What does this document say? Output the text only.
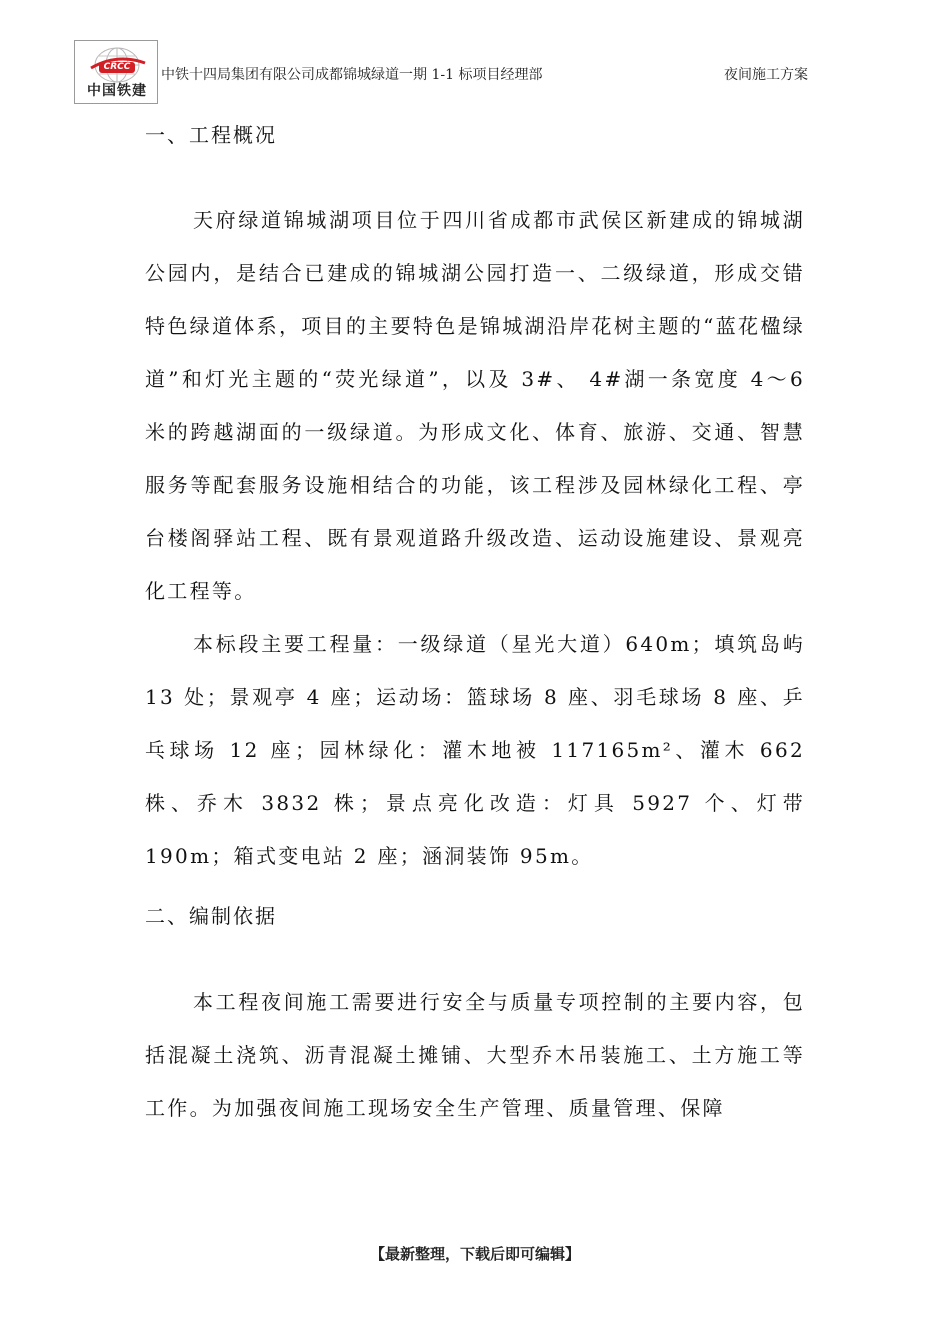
CRCC
中国铁建
中铁十四局集团有限公司成都锦城绿道一期 1-1 标项目经理部	夜间施工方案
一、工程概况

天府绿道锦城湖项目位于四川省成都市武侯区新建成的锦城湖公园内，是结合已建成的锦城湖公园打造一、二级绿道，形成交错特色绿道体系，项目的主要特色是锦城湖沿岸花树主题的“蓝花楹绿道”和灯光主题的“荧光绿道”，以及 3#、 4#湖一条宽度 4～6 米的跨越湖面的一级绿道。为形成文化、体育、旅游、交通、智慧服务等配套服务设施相结合的功能，该工程涉及园林绿化工程、亭台楼阁驿站工程、既有景观道路升级改造、运动设施建设、景观亮化工程等。

本标段主要工程量：一级绿道（星光大道）640m；填筑岛屿 13 处；景观亭 4 座；运动场：篮球场 8 座、羽毛球场 8 座、乒乓球场 12 座；园林绿化：灌木地被 117165m²、灌木 662 株、乔木 3832 株；景点亮化改造：灯具 5927 个、灯带 190m；箱式变电站 2 座；涵洞装饰 95m。

二、编制依据

本工程夜间施工需要进行安全与质量专项控制的主要内容，包括混凝土浇筑、沥青混凝土摊铺、大型乔木吊装施工、土方施工等工作。为加强夜间施工现场安全生产管理、质量管理、保障

【最新整理，下载后即可编辑】
